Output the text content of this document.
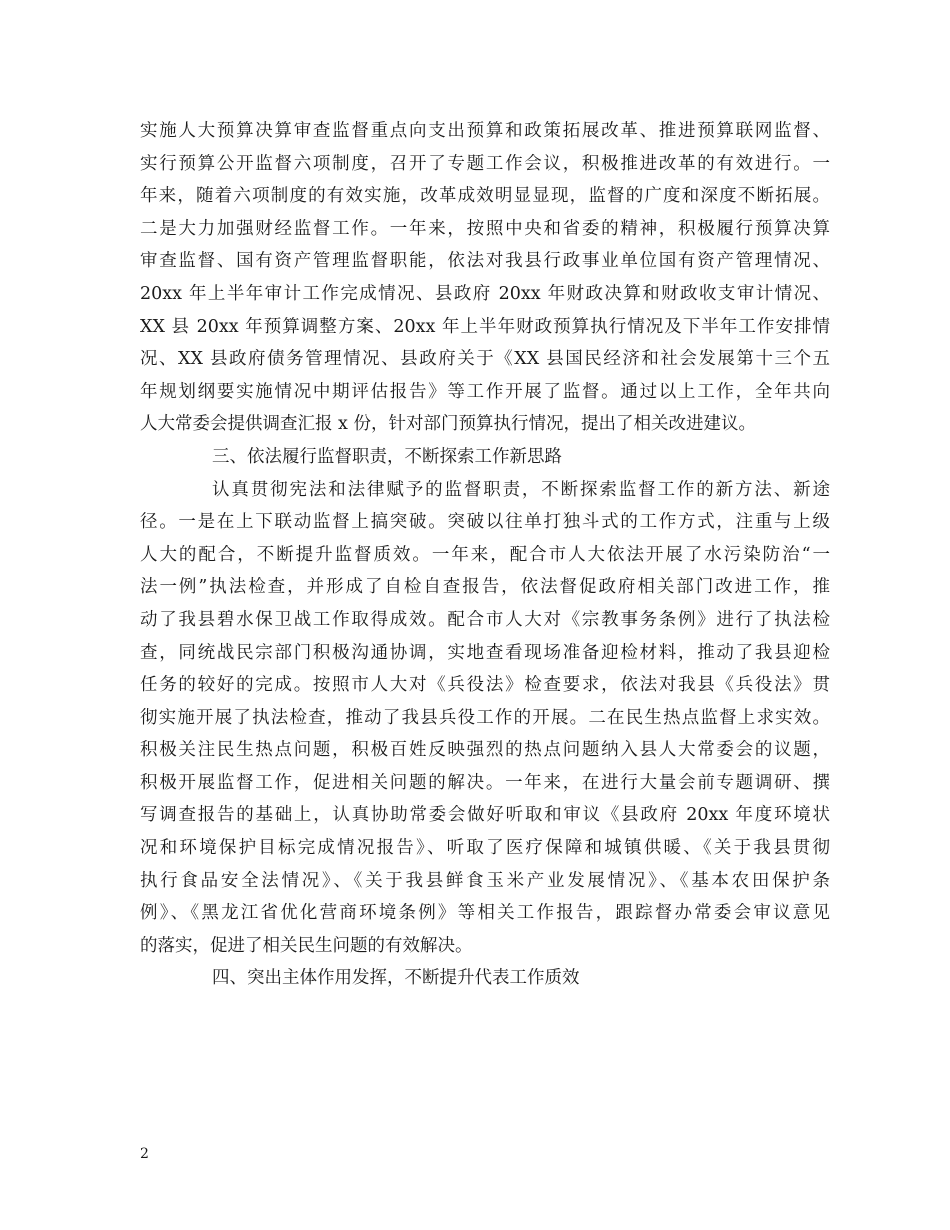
实施人大预算决算审查监督重点向支出预算和政策拓展改革、推进预算联网监督、
实行预算公开监督六项制度，召开了专题工作会议，积极推进改革的有效进行。一
年来，随着六项制度的有效实施，改革成效明显显现，监督的广度和深度不断拓展。
二是大力加强财经监督工作。一年来，按照中央和省委的精神，积极履行预算决算
审查监督、国有资产管理监督职能，依法对我县行政事业单位国有资产管理情况、
20xx 年上半年审计工作完成情况、县政府 20xx 年财政决算和财政收支审计情况、
XX 县 20xx 年预算调整方案、20xx 年上半年财政预算执行情况及下半年工作安排情
况、XX 县政府债务管理情况、县政府关于《XX 县国民经济和社会发展第十三个五
年规划纲要实施情况中期评估报告》等工作开展了监督。通过以上工作，全年共向
人大常委会提供调查汇报 x 份，针对部门预算执行情况，提出了相关改进建议。
三、依法履行监督职责，不断探索工作新思路
认真贯彻宪法和法律赋予的监督职责，不断探索监督工作的新方法、新途
径。一是在上下联动监督上搞突破。突破以往单打独斗式的工作方式，注重与上级
人大的配合，不断提升监督质效。一年来，配合市人大依法开展了水污染防治“一
法一例”执法检查，并形成了自检自查报告，依法督促政府相关部门改进工作，推
动了我县碧水保卫战工作取得成效。配合市人大对《宗教事务条例》进行了执法检
查，同统战民宗部门积极沟通协调，实地查看现场准备迎检材料，推动了我县迎检
任务的较好的完成。按照市人大对《兵役法》检查要求，依法对我县《兵役法》贯
彻实施开展了执法检查，推动了我县兵役工作的开展。二在民生热点监督上求实效。
积极关注民生热点问题，积极百姓反映强烈的热点问题纳入县人大常委会的议题，
积极开展监督工作，促进相关问题的解决。一年来，在进行大量会前专题调研、撰
写调查报告的基础上，认真协助常委会做好听取和审议《县政府 20xx 年度环境状
况和环境保护目标完成情况报告》、听取了医疗保障和城镇供暖、《关于我县贯彻
执行食品安全法情况》、《关于我县鲜食玉米产业发展情况》、《基本农田保护条
例》、《黑龙江省优化营商环境条例》等相关工作报告，跟踪督办常委会审议意见
的落实，促进了相关民生问题的有效解决。
四、突出主体作用发挥，不断提升代表工作质效
2
